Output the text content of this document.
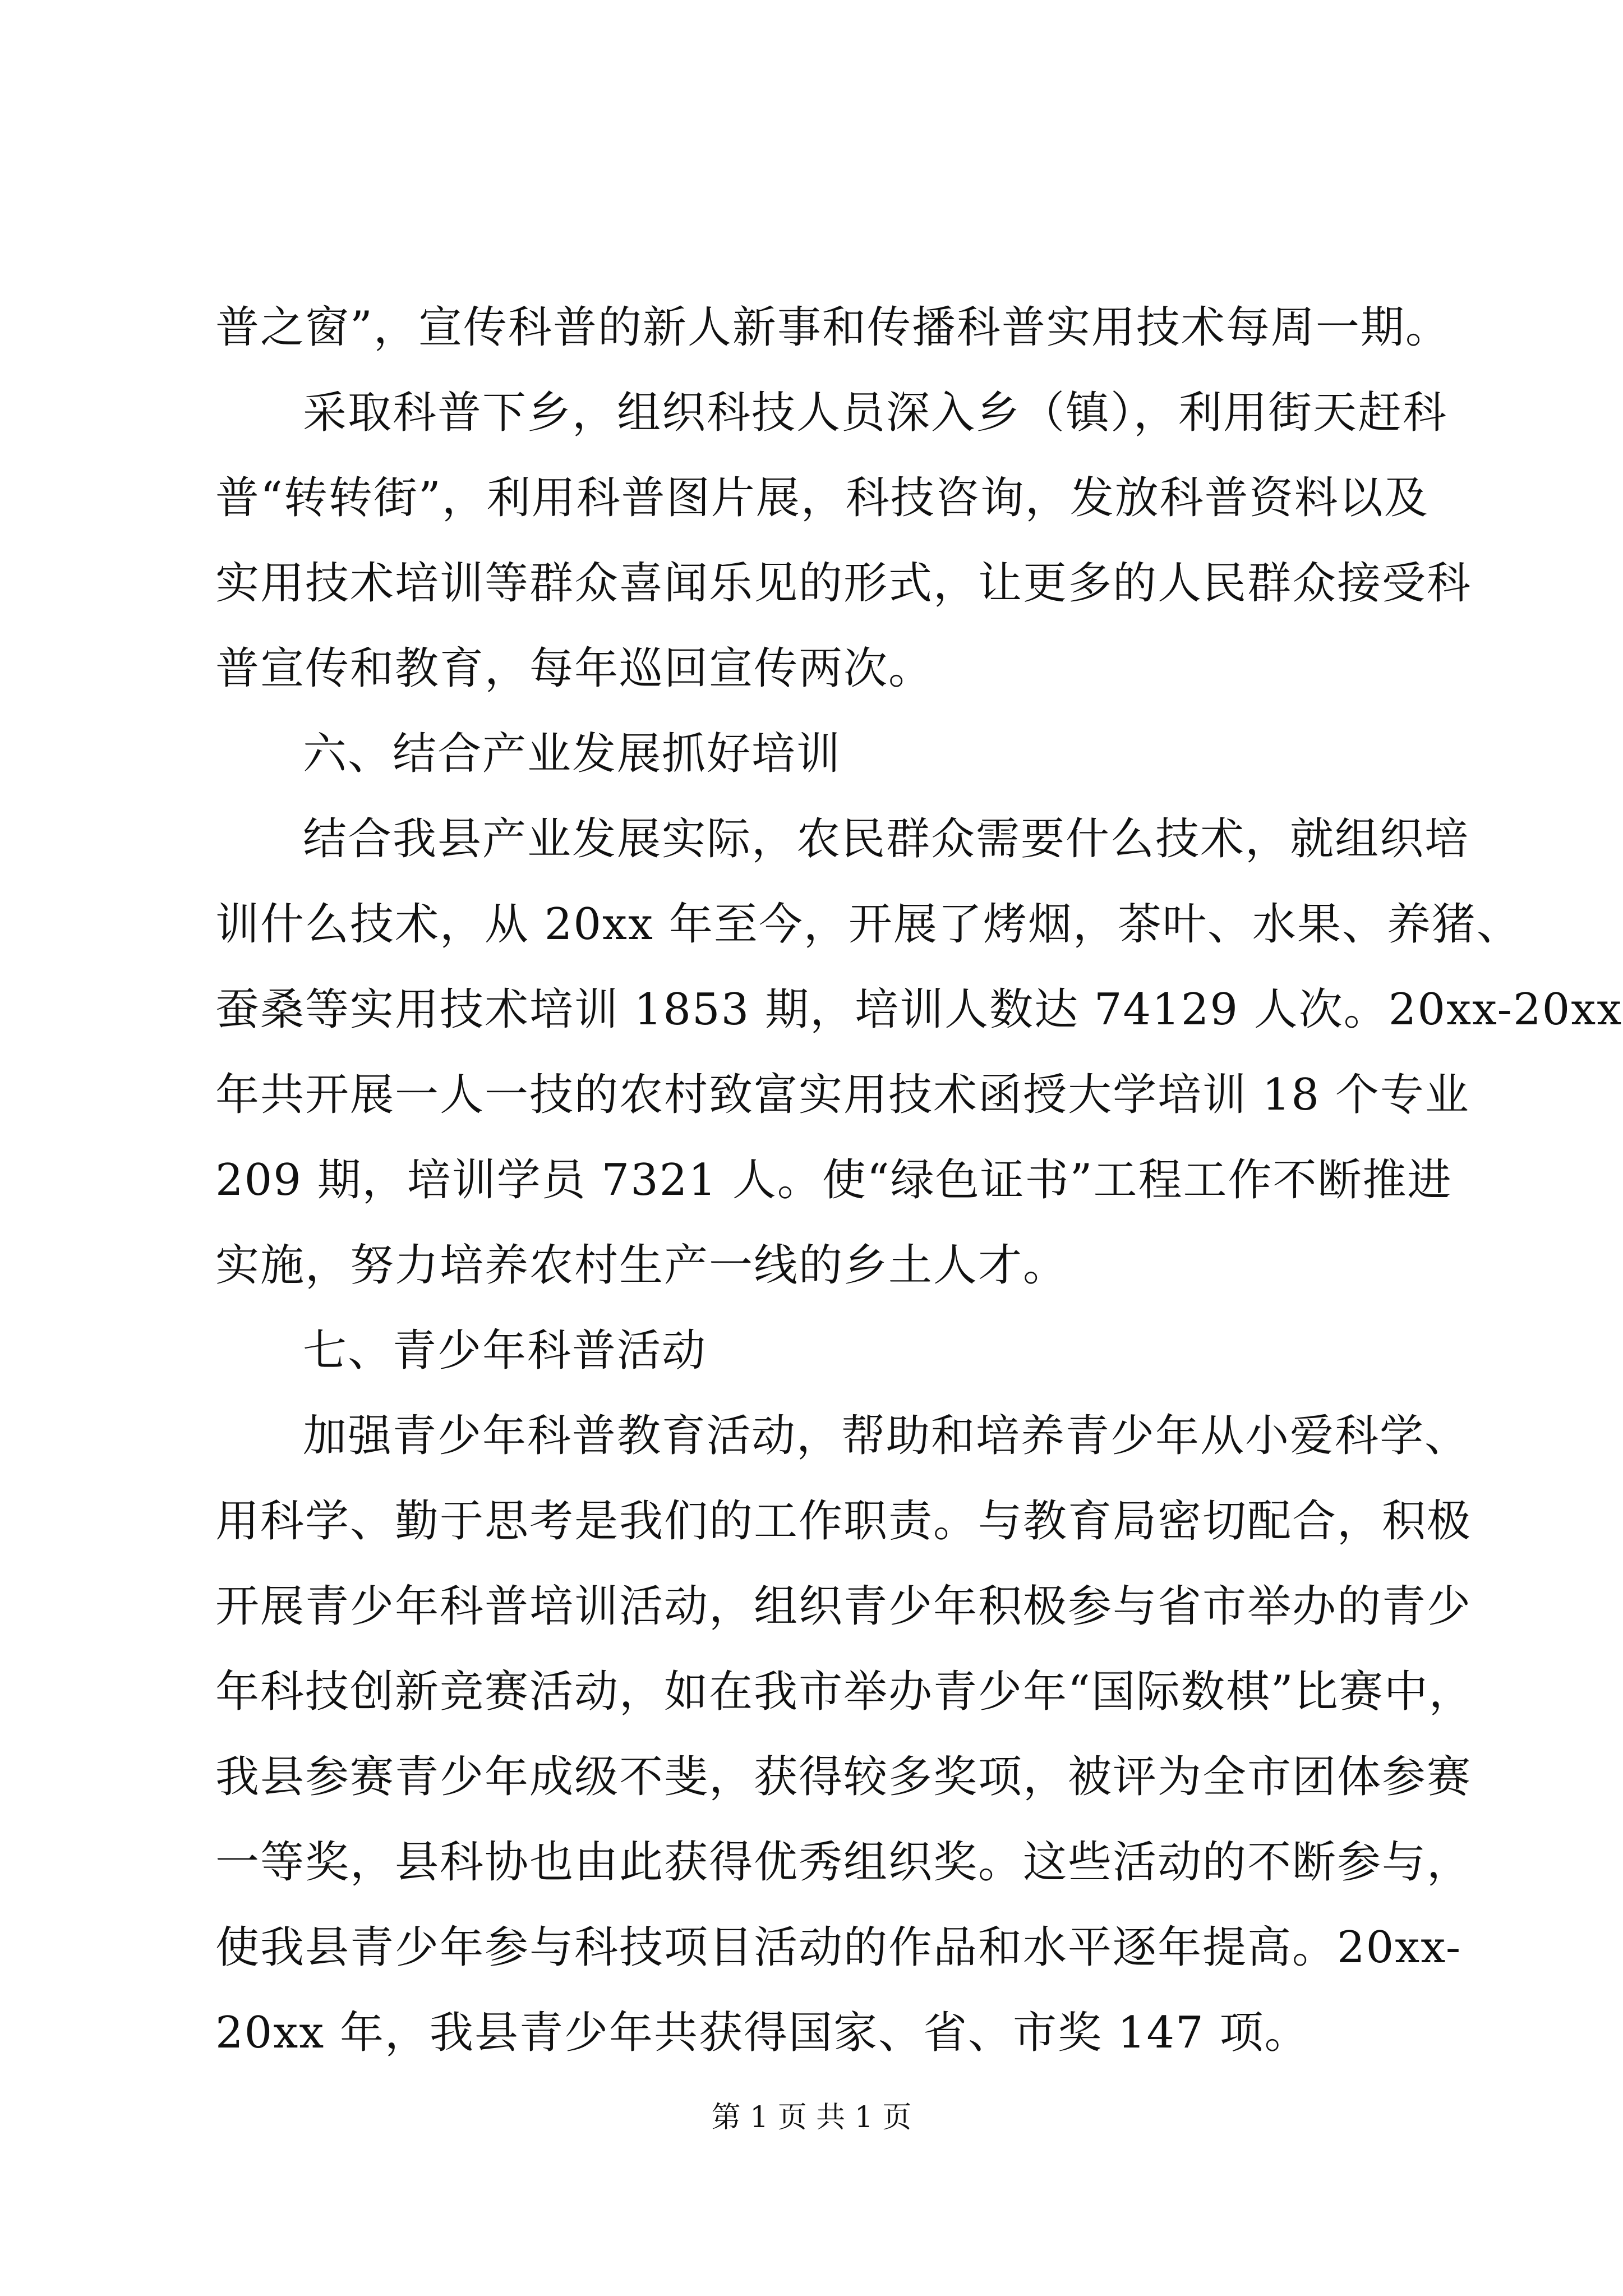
普之窗”，宣传科普的新人新事和传播科普实用技术每周一期。
采取科普下乡，组织科技人员深入乡（镇），利用街天赶科
普“转转街”，利用科普图片展，科技咨询，发放科普资料以及
实用技术培训等群众喜闻乐见的形式，让更多的人民群众接受科
普宣传和教育，每年巡回宣传两次。
六、结合产业发展抓好培训
结合我县产业发展实际，农民群众需要什么技术，就组织培
训什么技术，从 20xx 年至今，开展了烤烟，茶叶、水果、养猪、
蚕桑等实用技术培训 1853 期，培训人数达 74129 人次。20xx-20xx
年共开展一人一技的农村致富实用技术函授大学培训 18 个专业
209 期，培训学员 7321 人。使“绿色证书”工程工作不断推进
实施，努力培养农村生产一线的乡土人才。
七、青少年科普活动
加强青少年科普教育活动，帮助和培养青少年从小爱科学、
用科学、勤于思考是我们的工作职责。与教育局密切配合，积极
开展青少年科普培训活动，组织青少年积极参与省市举办的青少
年科技创新竞赛活动，如在我市举办青少年“国际数棋”比赛中，
我县参赛青少年成级不斐，获得较多奖项，被评为全市团体参赛
一等奖，县科协也由此获得优秀组织奖。这些活动的不断参与，
使我县青少年参与科技项目活动的作品和水平逐年提高。20xx-
20xx 年，我县青少年共获得国家、省、市奖 147 项。
第 1 页 共 1 页
